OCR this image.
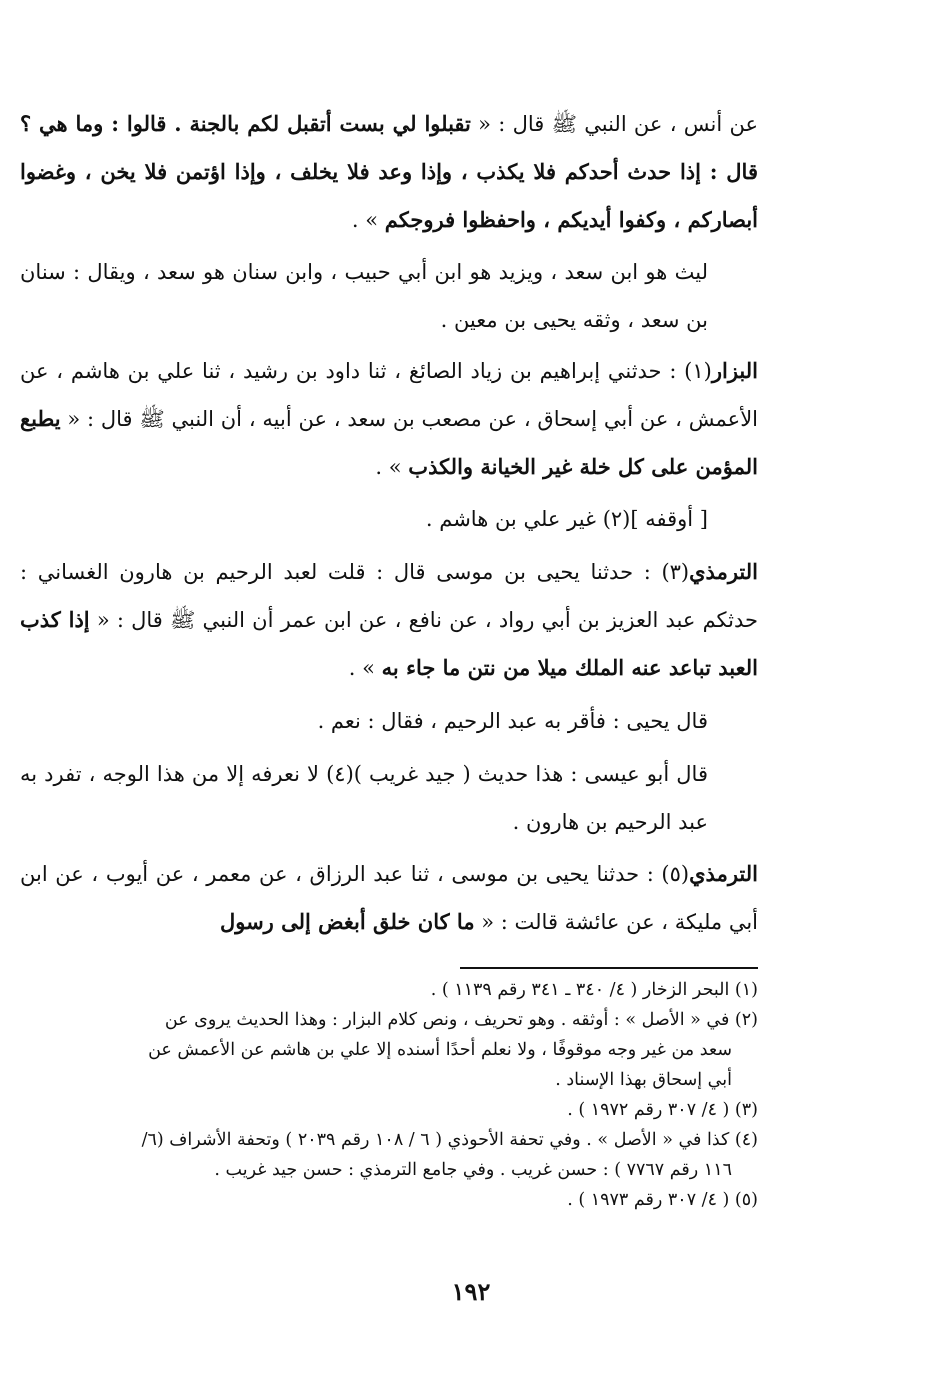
عن أنس ، عن النبي ﷺ قال : « تقبلوا لي بست أتقبل لكم بالجنة . قالوا : وما هي ؟ قال : إذا حدث أحدكم فلا يكذب ، وإذا وعد فلا يخلف ، وإذا اؤتمن فلا يخن ، وغضوا أبصاركم ، وكفوا أيديكم ، واحفظوا فروجكم » .

ليث هو ابن سعد ، ويزيد هو ابن أبي حبيب ، وابن سنان هو سعد ، ويقال : سنان بن سعد ، وثقه يحيى بن معين .

البزار(١) : حدثني إبراهيم بن زياد الصائغ ، ثنا داود بن رشيد ، ثنا علي بن هاشم ، عن الأعمش ، عن أبي إسحاق ، عن مصعب بن سعد ، عن أبيه ، أن النبي ﷺ قال : « يطبع المؤمن على كل خلة غير الخيانة والكذب » .

[ أوقفه ](٢) غير علي بن هاشم .

الترمذي(٣) : حدثنا يحيى بن موسى قال : قلت لعبد الرحيم بن هارون الغساني : حدثكم عبد العزيز بن أبي رواد ، عن نافع ، عن ابن عمر أن النبي ﷺ قال : « إذا كذب العبد تباعد عنه الملك ميلا من نتن ما جاء به » .

قال يحيى : فأقر به عبد الرحيم ، فقال : نعم .

قال أبو عيسى : هذا حديث ( جيد غريب )(٤) لا نعرفه إلا من هذا الوجه ، تفرد به عبد الرحيم بن هارون .

الترمذي(٥) : حدثنا يحيى بن موسى ، ثنا عبد الرزاق ، عن معمر ، عن أيوب ، عن ابن أبي مليكة ، عن عائشة قالت : « ما كان خلق أبغض إلى رسول

(١) البحر الزخار ( ٤/ ٣٤٠ ـ ٣٤١ رقم ١١٣٩ ) .

(٢) في « الأصل » : أوثقه . وهو تحريف ، ونص كلام البزار : وهذا الحديث يروى عن

سعد من غير وجه موقوفًا ، ولا نعلم أحدًا أسنده إلا علي بن هاشم عن الأعمش عن

أبي إسحاق بهذا الإسناد .

(٣) ( ٤/ ٣٠٧ رقم ١٩٧٢ ) .

(٤) كذا في « الأصل » . وفي تحفة الأحوذي ( ٦ / ١٠٨ رقم ٢٠٣٩ ) وتحفة الأشراف (٦/

١١٦ رقم ٧٧٦٧ ) : حسن غريب . وفي جامع الترمذي : حسن جيد غريب .

(٥) ( ٤/ ٣٠٧ رقم ١٩٧٣ ) .

١٩٢
